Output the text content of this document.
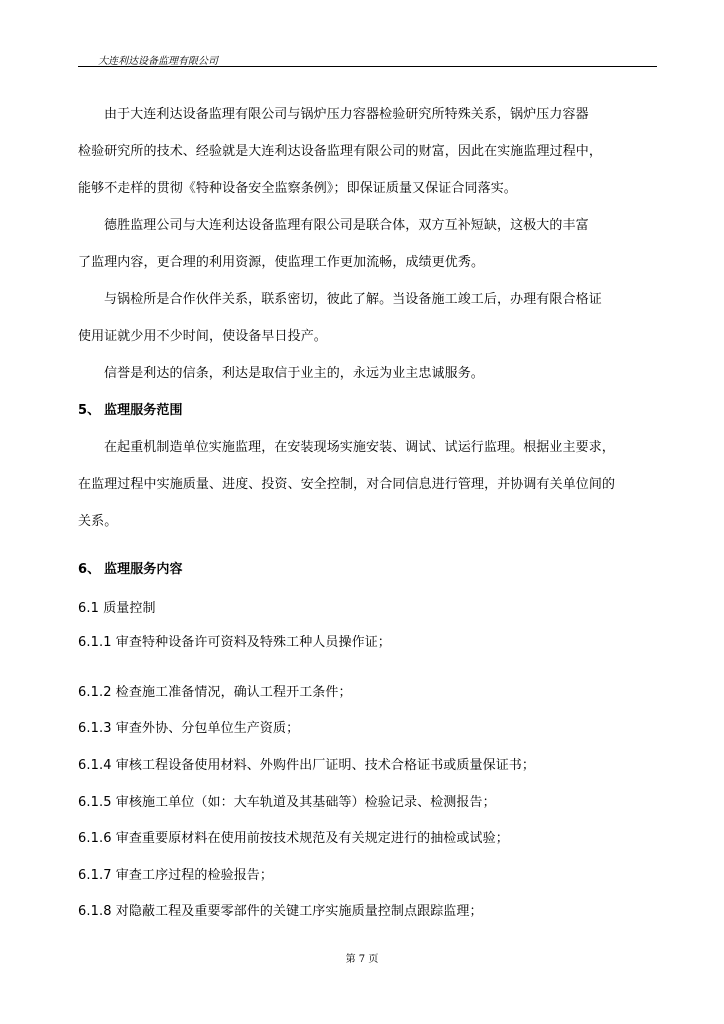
大连利达设备监理有限公司
由于大连利达设备监理有限公司与锅炉压力容器检验研究所特殊关系，锅炉压力容器
检验研究所的技术、经验就是大连利达设备监理有限公司的财富，因此在实施监理过程中，
能够不走样的贯彻《特种设备安全监察条例》；即保证质量又保证合同落实。
德胜监理公司与大连利达设备监理有限公司是联合体，双方互补短缺，这极大的丰富
了监理内容，更合理的利用资源，使监理工作更加流畅，成绩更优秀。
与锅检所是合作伙伴关系，联系密切，彼此了解。当设备施工竣工后，办理有限合格证
使用证就少用不少时间，使设备早日投产。
信誉是利达的信条，利达是取信于业主的，永远为业主忠诚服务。
5、 监理服务范围
在起重机制造单位实施监理，在安装现场实施安装、调试、试运行监理。根据业主要求，
在监理过程中实施质量、进度、投资、安全控制，对合同信息进行管理，并协调有关单位间的
关系。
6、 监理服务内容
6.1 质量控制
6.1.1 审查特种设备许可资料及特殊工种人员操作证；
6.1.2 检查施工准备情况，确认工程开工条件；
6.1.3 审查外协、分包单位生产资质；
6.1.4 审核工程设备使用材料、外购件出厂证明、技术合格证书或质量保证书；
6.1.5 审核施工单位（如：大车轨道及其基础等）检验记录、检测报告；
6.1.6 审查重要原材料在使用前按技术规范及有关规定进行的抽检或试验；
6.1.7 审查工序过程的检验报告；
6.1.8 对隐蔽工程及重要零部件的关键工序实施质量控制点跟踪监理；
第 7 页
